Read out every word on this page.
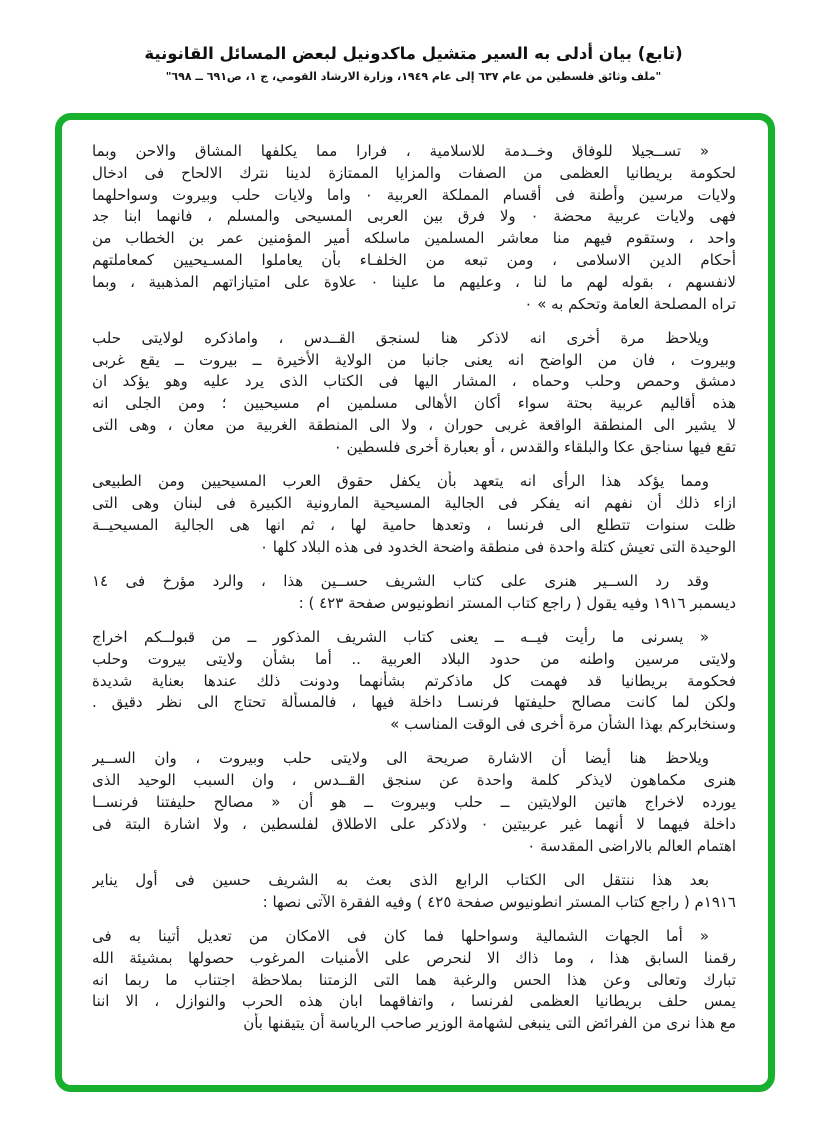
(تابع) بيان أدلى به السير متشيل ماكدونيل لبعض المسائل القانونية
"ملف وثائق فلسطين من عام ٦٣٧ إلى عام ١٩٤٩، وزارة الارشاد القومي، ج ١، ص٦٩١ ــ ٦٩٨"
« تســجيلا للوفاق وخــدمة للاسلامية ، فرارا مما يكلفها المشاق والاحن وبما
لحكومة بريطانيا العظمى من الصفات والمزايا الممتازة لدينا نترك الالحاح فى ادخال
ولايات مرسين وأطنة فى أقسام المملكة العربية ٠ واما ولايات حلب وبيروت وسواحلهما
فهى ولايات عربية محضة ٠ ولا فرق بين العربى المسيحى والمسلم ، فانهما ابنا جد
واحد ، وستقوم فيهم منا معاشر المسلمين ماسلكه أمير المؤمنين عمر بن الخطاب من
أحكام الدين الاسلامى ، ومن تبعه من الخلفـاء بأن يعاملوا المسـيحيين كمعاملتهم
لانفسهم ، بقوله لهم ما لنا ، وعليهم ما علينا ٠ علاوة على امتيازاتهم المذهبية ، وبما
تراه المصلحة العامة وتحكم به » ٠
ويلاحظ مرة أخرى انه لاذكر هنا لسنجق القــدس ، واماذكره لولايتى حلب
وبيروت ، فان من الواضح انه يعنى جانبا من الولاية الأخيرة ــ بيروت ــ يقع غربى
دمشق وحمص وحلب وحماه ، المشار اليها فى الكتاب الذى يرد عليه وهو يؤكد ان
هذه أقاليم عربية بحتة سواء أكان الأهالى مسلمين ام مسيحيين ؛ ومن الجلى انه
لا يشير الى المنطقة الواقعة غربى حوران ، ولا الى المنطقة الغربية من معان ، وهى التى
تقع فيها سناجق عكا والبلقاء والقدس ، أو بعبارة أخرى فلسطين ٠
ومما يؤكد هذا الرأى انه يتعهد بأن يكفل حقوق العرب المسيحيين ومن الطبيعى
ازاء ذلك أن نفهم انه يفكر فى الجالية المسيحية المارونية الكبيرة فى لبنان وهى التى
ظلت سنوات تتطلع الى فرنسا ، وتعدها حامية لها ، ثم انها هى الجالية المسيحيــة
الوحيدة التى تعيش كتلة واحدة فى منطقة واضحة الخدود فى هذه البلاد كلها ٠
وقد رد الســير هنرى على كتاب الشريف حســين هذا ، والرد مؤرخ فى ١٤
ديسمبر ١٩١٦ وفيه يقول ( راجع كتاب المستر انطونيوس صفحة ٤٢٣ ) :
« يسرنى ما رأيت فيــه ــ يعنى كتاب الشريف المذكور ــ من قبولــكم اخراج
ولايتى مرسين واطنه من حدود البلاد العربية .. أما بشأن ولايتى بيروت وحلب
فحكومة بريطانيا قد فهمت كل ماذكرتم بشأنهما ودونت ذلك عندها بعناية شديدة
ولكن لما كانت مصالح حليفتها فرنسـا داخلة فيها ، فالمسألة تحتاج الى نظر دقيق .
وسنخابركم بهذا الشأن مرة أخرى فى الوقت المناسب »
ويلاحظ هنا أيضا أن الاشارة صريحة الى ولايتى حلب وبيروت ، وان الســير
هنرى مكماهون لايذكر كلمة واحدة عن سنجق القــدس ، وان السبب الوحيد الذى
يورده لاخراج هاتين الولايتين ــ حلب وبيروت ــ هو أن « مصالح حليفتنا فرنســا
داخلة فيهما لا أنهما غير عربيتين ٠ ولاذكر على الاطلاق لفلسطين ، ولا اشارة البتة فى
اهتمام العالم بالاراضى المقدسة ٠
بعد هذا ننتقل الى الكتاب الرابع الذى بعث به الشريف حسين فى أول يناير
١٩١٦م ( راجع كتاب المستر انطونيوس صفحة ٤٢٥ ) وفيه الفقرة الآتى نصها :
« أما الجهات الشمالية وسواحلها فما كان فى الامكان من تعديل أتينا به فى
رقمنا السابق هذا ، وما ذاك الا لنحرص على الأمنيات المرغوب حصولها بمشيئة الله
تبارك وتعالى وعن هذا الحس والرغبة هما التى الزمتنا بملاحظة اجتناب ما ربما انه
يمس حلف بريطانيا العظمى لفرنسا ، واتفاقهما ابان هذه الحرب والنوازل ، الا اننا
مع هذا نرى من الفرائض التى ينبغى لشهامة الوزير صاحب الرياسة أن يتيقنها بأن
